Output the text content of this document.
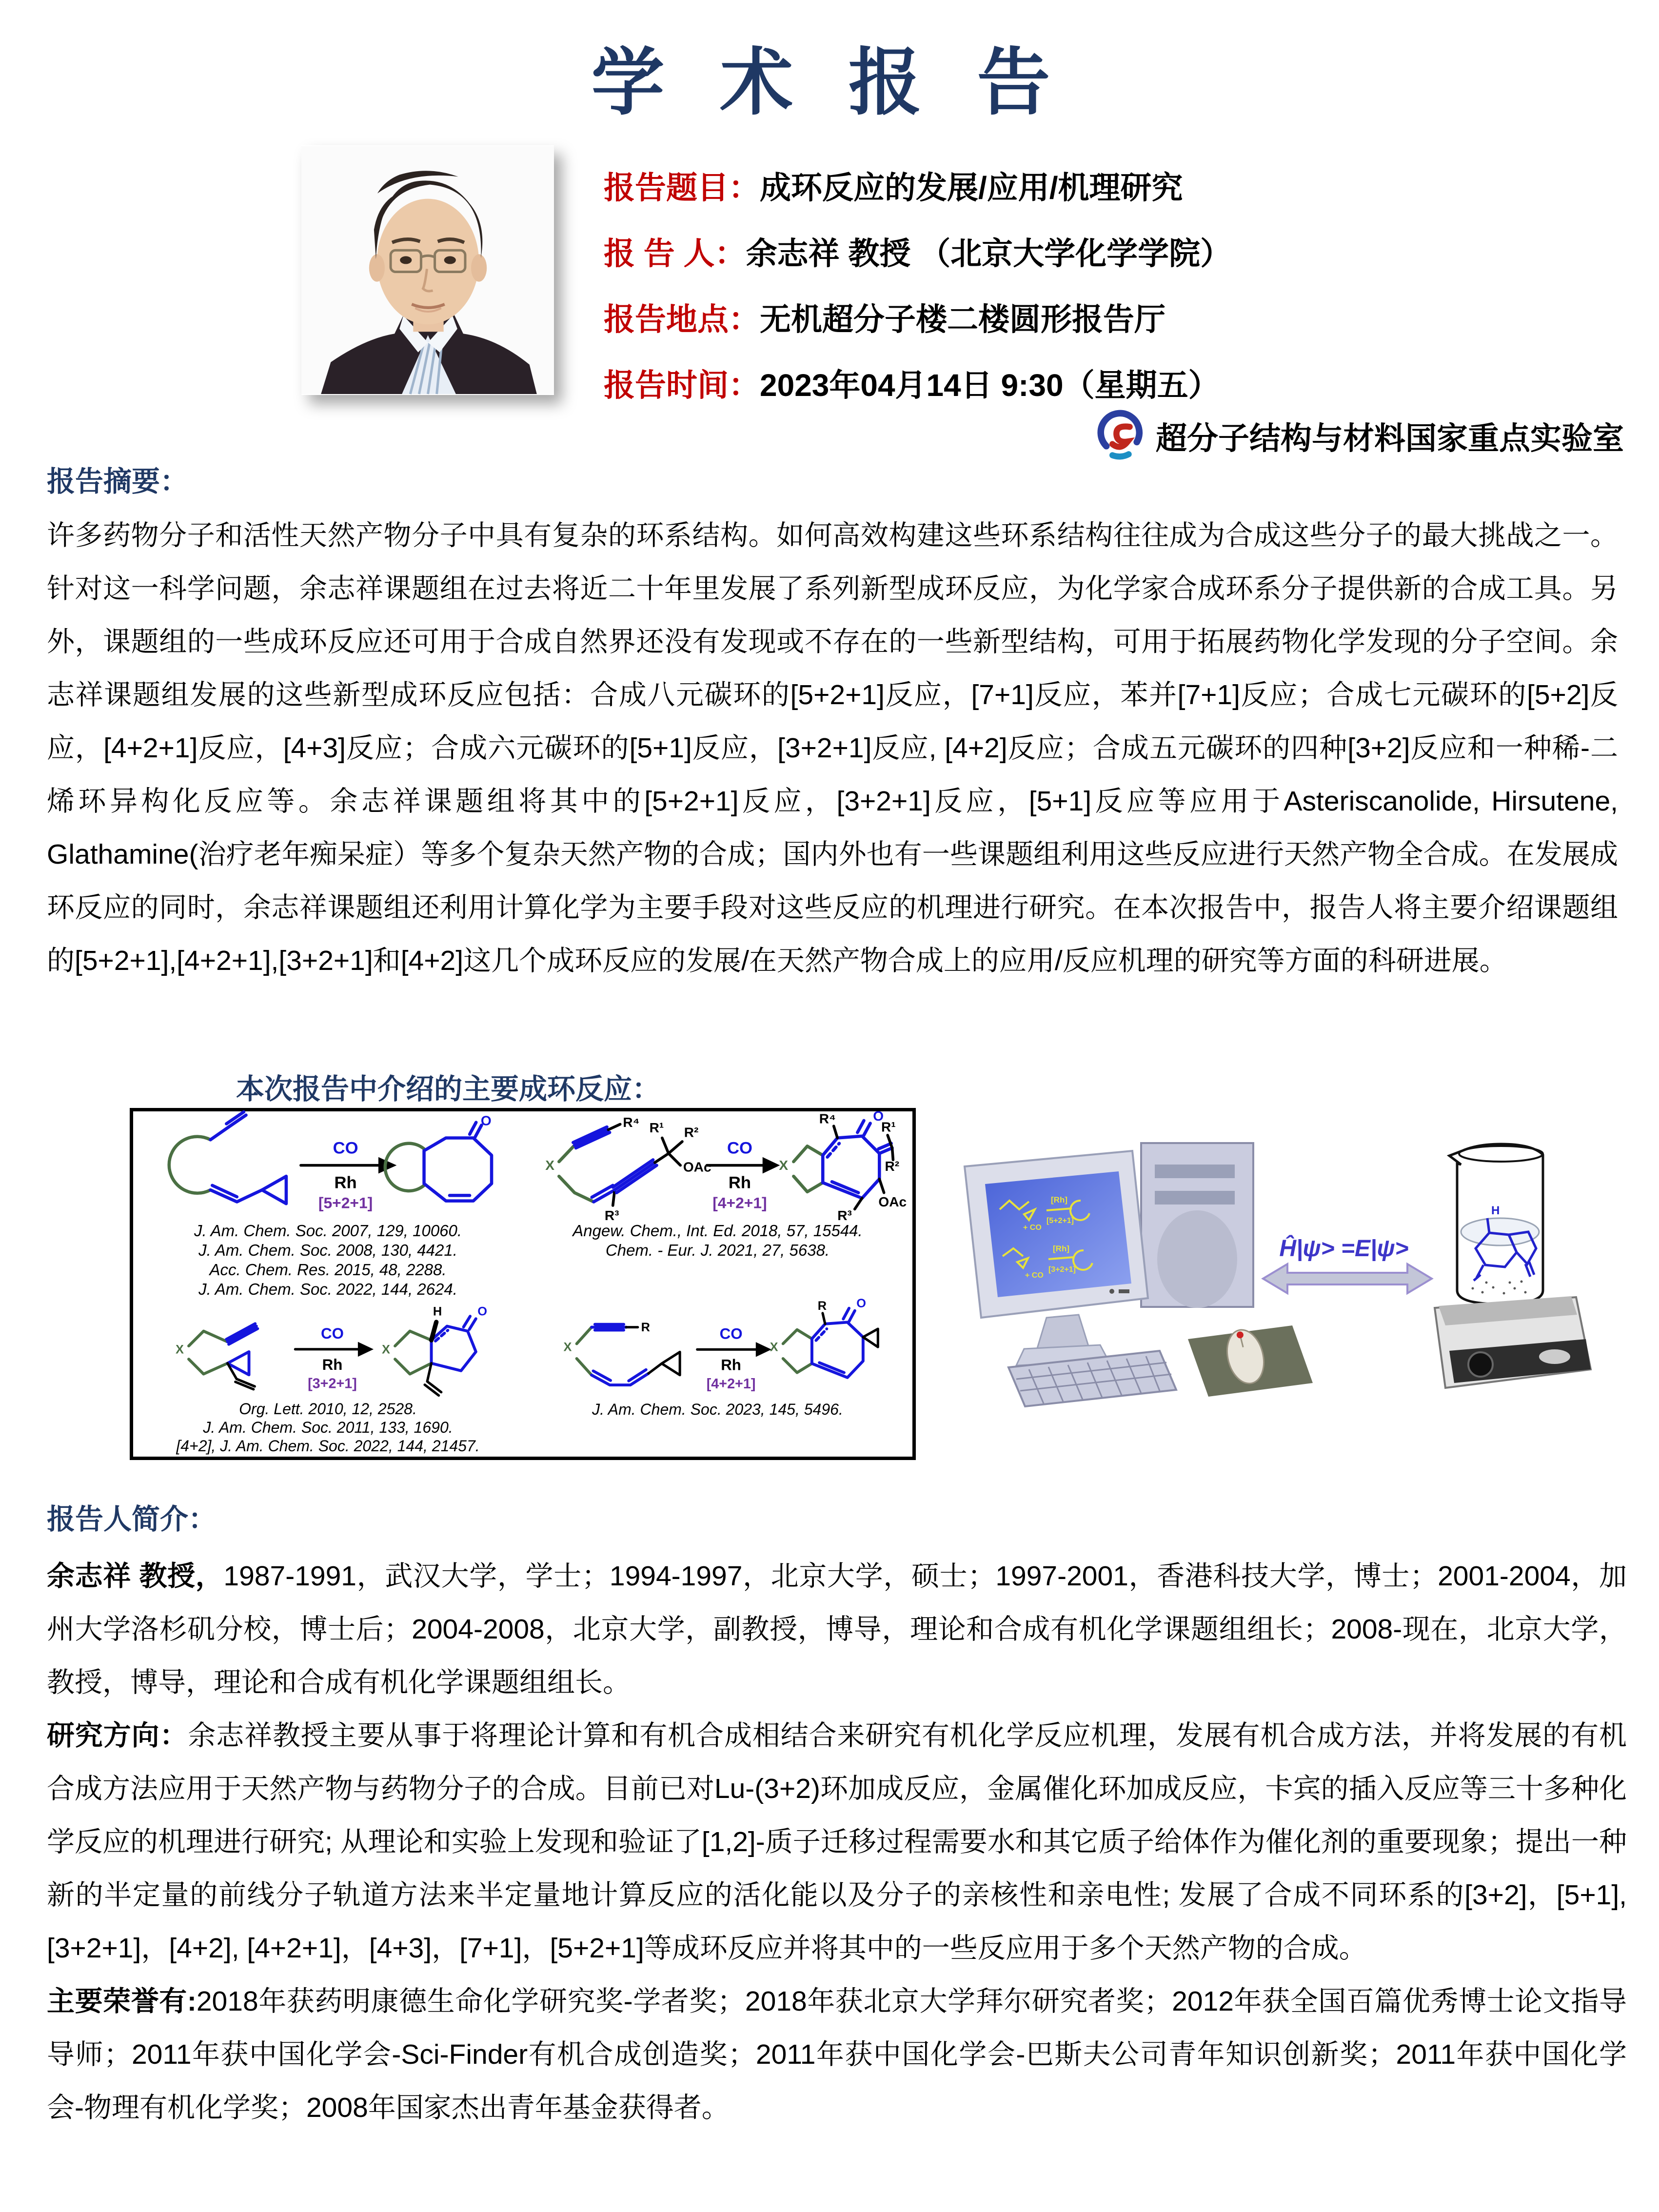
学 术 报 告
报告题目：成环反应的发展/应用/机理研究
报 告 人：余志祥 教授 （北京大学化学学院）
报告地点：无机超分子楼二楼圆形报告厅
报告时间：2023年04月14日 9:30（星期五）
超分子结构与材料国家重点实验室
报告摘要：
许多药物分子和活性天然产物分子中具有复杂的环系结构。如何高效构建这些环系结构往往成为合成这些分子的最大挑战之一。针对这一科学问题，余志祥课题组在过去将近二十年里发展了系列新型成环反应，为化学家合成环系分子提供新的合成工具。另外，课题组的一些成环反应还可用于合成自然界还没有发现或不存在的一些新型结构，可用于拓展药物化学发现的分子空间。余志祥课题组发展的这些新型成环反应包括：合成八元碳环的[5+2+1]反应，[7+1]反应，苯并[7+1]反应；合成七元碳环的[5+2]反应，[4+2+1]反应，[4+3]反应；合成六元碳环的[5+1]反应，[3+2+1]反应, [4+2]反应；合成五元碳环的四种[3+2]反应和一种稀-二烯环异构化反应等。余志祥课题组将其中的[5+2+1]反应，[3+2+1]反应，[5+1]反应等应用于Asteriscanolide, Hirsutene, Glathamine(治疗老年痴呆症）等多个复杂天然产物的合成；国内外也有一些课题组利用这些反应进行天然产物全合成。在发展成环反应的同时，余志祥课题组还利用计算化学为主要手段对这些反应的机理进行研究。在本次报告中，报告人将主要介绍课题组的[5+2+1],[4+2+1],[3+2+1]和[4+2]这几个成环反应的发展/在天然产物合成上的应用/反应机理的研究等方面的科研进展。
本次报告中介绍的主要成环反应：
CO
Rh
[5+2+1]
O
J. Am. Chem. Soc. 2007, 129, 10060.
J. Am. Chem. Soc. 2008, 130, 4421.
Acc. Chem. Res. 2015, 48, 2288.
J. Am. Chem. Soc. 2022, 144, 2624.
X
R⁴
R³
R¹ R²
OAc
CO
Rh
[4+2+1]
X
O
R⁴
R¹
R²
OAc
R³
Angew. Chem., Int. Ed. 2018, 57, 15544.
Chem. - Eur. J. 2021, 27, 5638.
X
CO
Rh
[3+2+1]
X
H O
Org. Lett. 2010, 12, 2528.
J. Am. Chem. Soc. 2011, 133, 1690.
[4+2], J. Am. Chem. Soc. 2022, 144, 21457.
X
R	CO
Rh
[4+2+1]
X
R O
J. Am. Chem. Soc. 2023, 145, 5496.
[Rh]
[5+2+1]
+ CO
[Rh]
[3+2+1]
+ CO
Ĥ|ψ> =E|ψ>
H
报告人简介：

余志祥 教授，1987-1991，武汉大学，学士；1994-1997，北京大学，硕士；1997-2001，香港科技大学，博士；2001-2004，加州大学洛杉矶分校，博士后；2004-2008，北京大学，副教授，博导，理论和合成有机化学课题组组长；2008-现在，北京大学，教授，博导，理论和合成有机化学课题组组长。

研究方向：余志祥教授主要从事于将理论计算和有机合成相结合来研究有机化学反应机理，发展有机合成方法，并将发展的有机合成方法应用于天然产物与药物分子的合成。目前已对Lu-(3+2)环加成反应，金属催化环加成反应，卡宾的插入反应等三十多种化学反应的机理进行研究; 从理论和实验上发现和验证了[1,2]-质子迁移过程需要水和其它质子给体作为催化剂的重要现象；提出一种新的半定量的前线分子轨道方法来半定量地计算反应的活化能以及分子的亲核性和亲电性; 发展了合成不同环系的[3+2]，[5+1], [3+2+1]，[4+2], [4+2+1]，[4+3]，[7+1]，[5+2+1]等成环反应并将其中的一些反应用于多个天然产物的合成。

主要荣誉有:2018年获药明康德生命化学研究奖-学者奖；2018年获北京大学拜尔研究者奖；2012年获全国百篇优秀博士论文指导导师；2011年获中国化学会-Sci-Finder有机合成创造奖；2011年获中国化学会-巴斯夫公司青年知识创新奖；2011年获中国化学会-物理有机化学奖；2008年国家杰出青年基金获得者。
